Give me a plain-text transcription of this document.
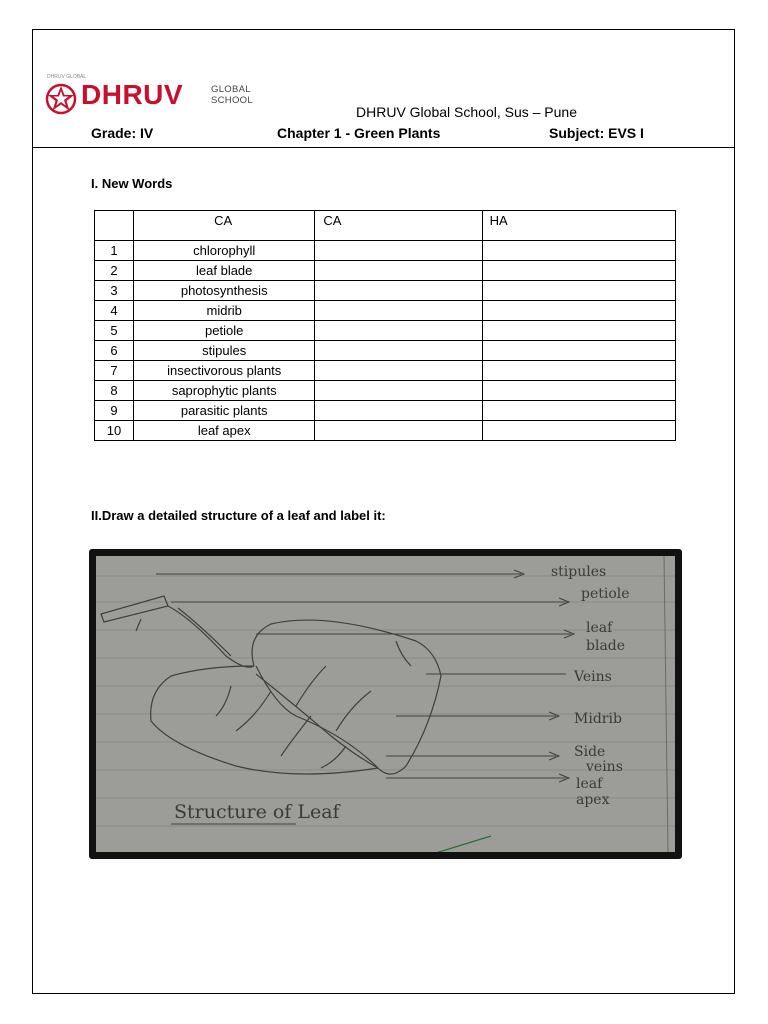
DHRUV GLOBAL
DHRUV	GLOBAL
SCHOOL
DHRUV Global School, Sus – Pune
Grade: IV	Chapter 1 - Green Plants	Subject: EVS I
I. New Words
	CA	CA	HA
1	chlorophyll		
2	leaf blade		
3	photosynthesis		
4	midrib		
5	petiole		
6	stipules		
7	insectivorous plants		
8	saprophytic plants		
9	parasitic plants		
10	leaf apex		
II.Draw a detailed structure of a leaf and label it:
stipules
petiole
leaf
blade
Veins
Midrib
Side
veins
leaf
apex
Structure of Leaf
